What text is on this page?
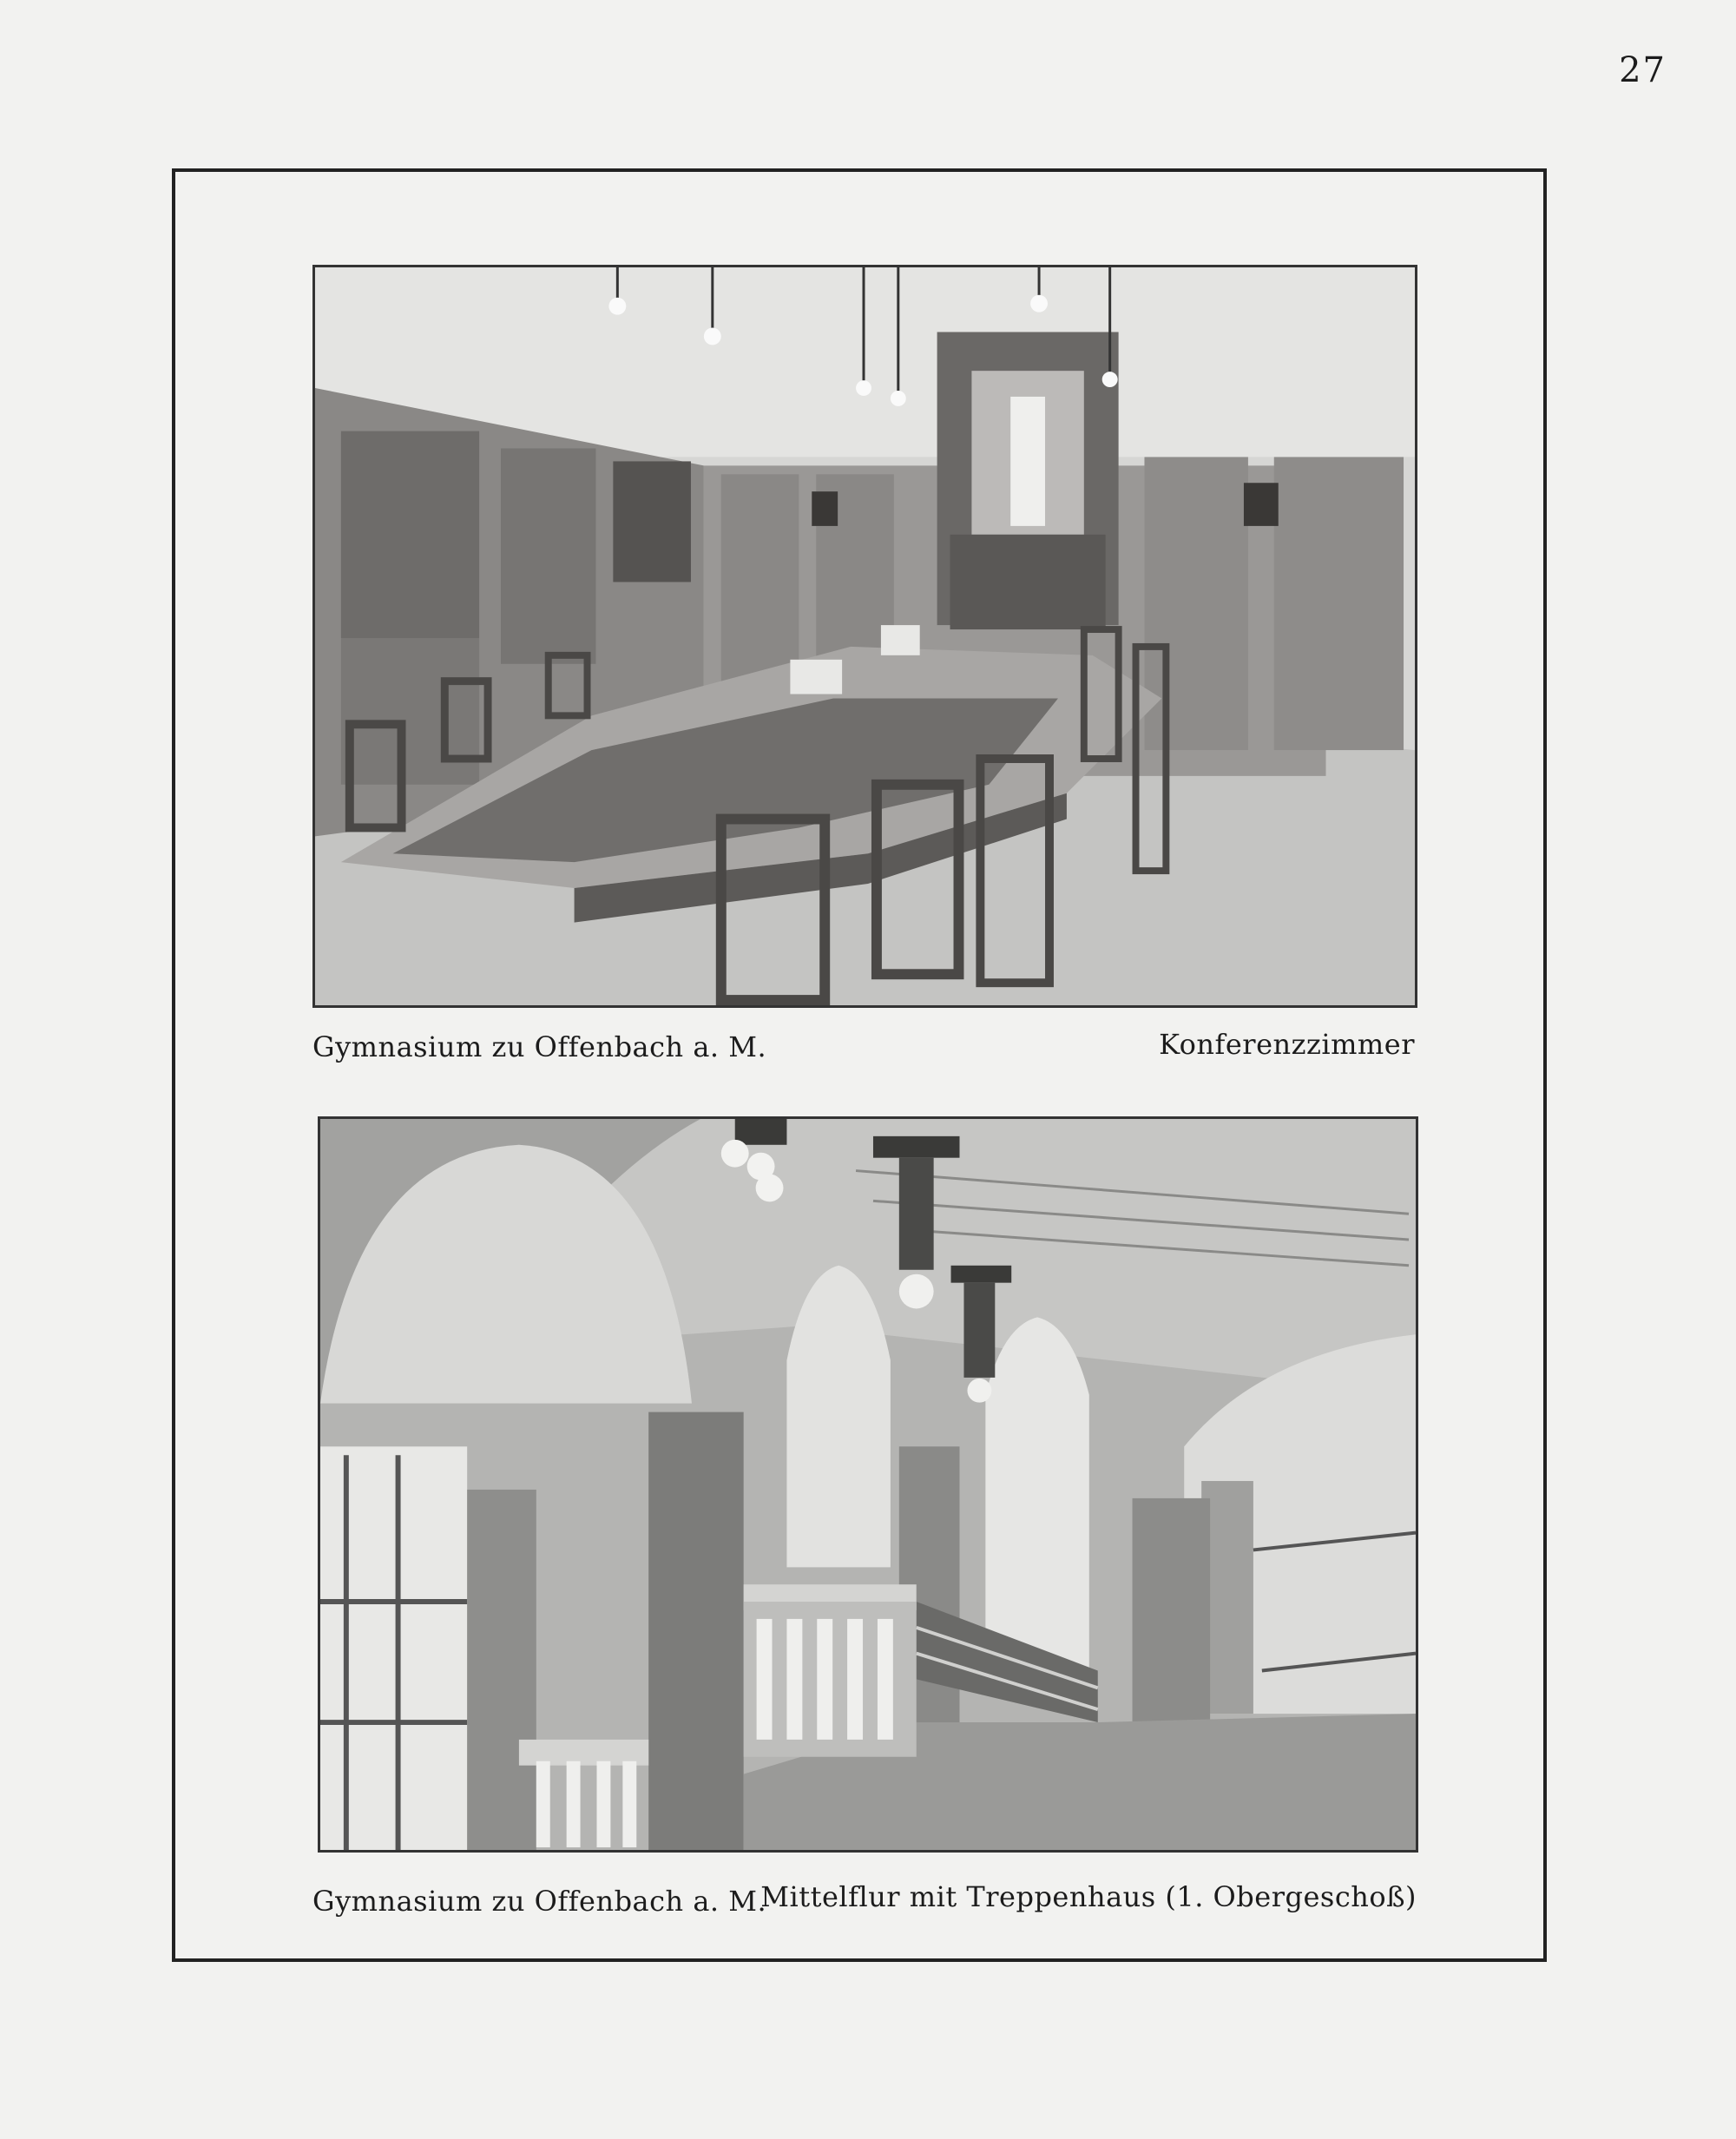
27
Gymnasium zu Offenbach a. M.	Konferenzzimmer
Gymnasium zu Offenbach a. M.
Mittelflur mit Treppenhaus (1. Obergeschoß)
